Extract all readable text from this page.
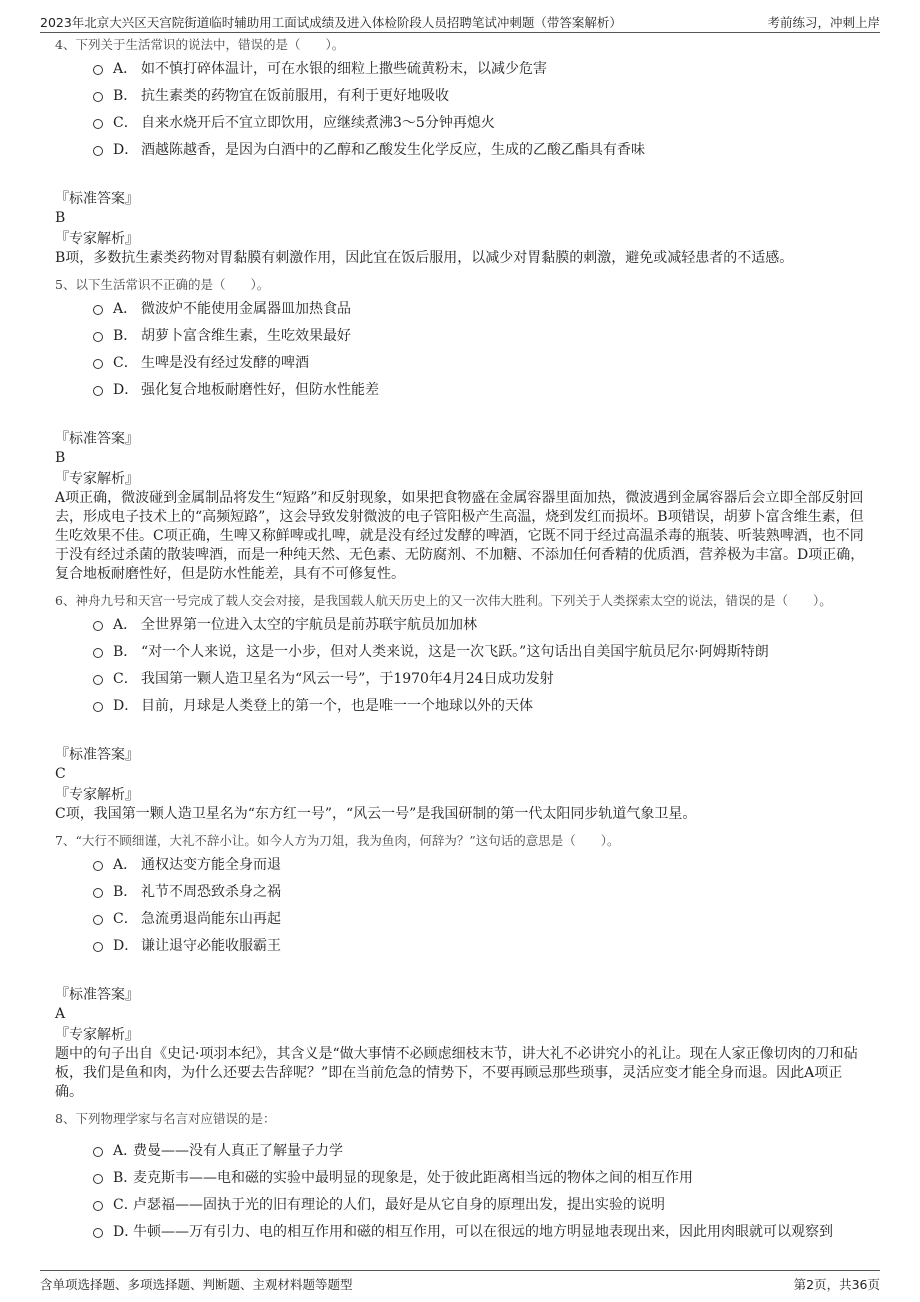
2023年北京大兴区天宫院街道临时辅助用工面试成绩及进入体检阶段人员招聘笔试冲刺题（带答案解析）	考前练习，冲刺上岸

4、下列关于生活常识的说法中，错误的是（　　）。

A． 如不慎打碎体温计，可在水银的细粒上撒些硫黄粉末，以减少危害
B． 抗生素类的药物宜在饭前服用，有利于更好地吸收
C． 自来水烧开后不宜立即饮用，应继续煮沸3～5分钟再熄火
D． 酒越陈越香，是因为白酒中的乙醇和乙酸发生化学反应，生成的乙酸乙酯具有香味

『标准答案』

B

『专家解析』

B项，多数抗生素类药物对胃黏膜有刺激作用，因此宜在饭后服用，以减少对胃黏膜的刺激，避免或减轻患者的不适感。

5、以下生活常识不正确的是（　　）。

A． 微波炉不能使用金属器皿加热食品
B． 胡萝卜富含维生素，生吃效果最好
C． 生啤是没有经过发酵的啤酒
D． 强化复合地板耐磨性好，但防水性能差

『标准答案』

B

『专家解析』

A项正确，微波碰到金属制品将发生“短路”和反射现象，如果把食物盛在金属容器里面加热，微波遇到金属容器后会立即全部反射回去，形成电子技术上的“高频短路”，这会导致发射微波的电子管阳极产生高温，烧到发红而损坏。B项错误，胡萝卜富含维生素，但生吃效果不佳。C项正确，生啤又称鲜啤或扎啤，就是没有经过发酵的啤酒，它既不同于经过高温杀毒的瓶装、听装熟啤酒，也不同于没有经过杀菌的散装啤酒，而是一种纯天然、无色素、无防腐剂、不加糖、不添加任何香精的优质酒，营养极为丰富。D项正确，复合地板耐磨性好，但是防水性能差，具有不可修复性。

6、神舟九号和天宫一号完成了载人交会对接，是我国载人航天历史上的又一次伟大胜利。下列关于人类探索太空的说法，错误的是（　　）。

A． 全世界第一位进入太空的宇航员是前苏联宇航员加加林
B． “对一个人来说，这是一小步，但对人类来说，这是一次飞跃。”这句话出自美国宇航员尼尔·阿姆斯特朗
C． 我国第一颗人造卫星名为“风云一号”，于1970年4月24日成功发射
D． 目前，月球是人类登上的第一个，也是唯一一个地球以外的天体

『标准答案』

C

『专家解析』

C项，我国第一颗人造卫星名为“东方红一号”，“风云一号”是我国研制的第一代太阳同步轨道气象卫星。

7、“大行不顾细谨，大礼不辞小让。如今人方为刀俎，我为鱼肉，何辞为？”这句话的意思是（　　）。

A． 通权达变方能全身而退
B． 礼节不周恐致杀身之祸
C． 急流勇退尚能东山再起
D． 谦让退守必能收服霸王

『标准答案』

A

『专家解析』

题中的句子出自《史记·项羽本纪》，其含义是“做大事情不必顾虑细枝末节，讲大礼不必讲究小的礼让。现在人家正像切肉的刀和砧板，我们是鱼和肉，为什么还要去告辞呢？”即在当前危急的情势下，不要再顾忌那些琐事，灵活应变才能全身而退。因此A项正确。

8、下列物理学家与名言对应错误的是：

A．
费曼——没有人真正了解量子力学
B．
麦克斯韦——电和磁的实验中最明显的现象是，处于彼此距离相当远的物体之间的相互作用
C．
卢瑟福——固执于光的旧有理论的人们，最好是从它自身的原理出发，提出实验的说明
D．
牛顿——万有引力、电的相互作用和磁的相互作用，可以在很远的地方明显地表现出来，因此用肉眼就可以观察到
含单项选择题、多项选择题、判断题、主观材料题等题型	第2页，共36页
